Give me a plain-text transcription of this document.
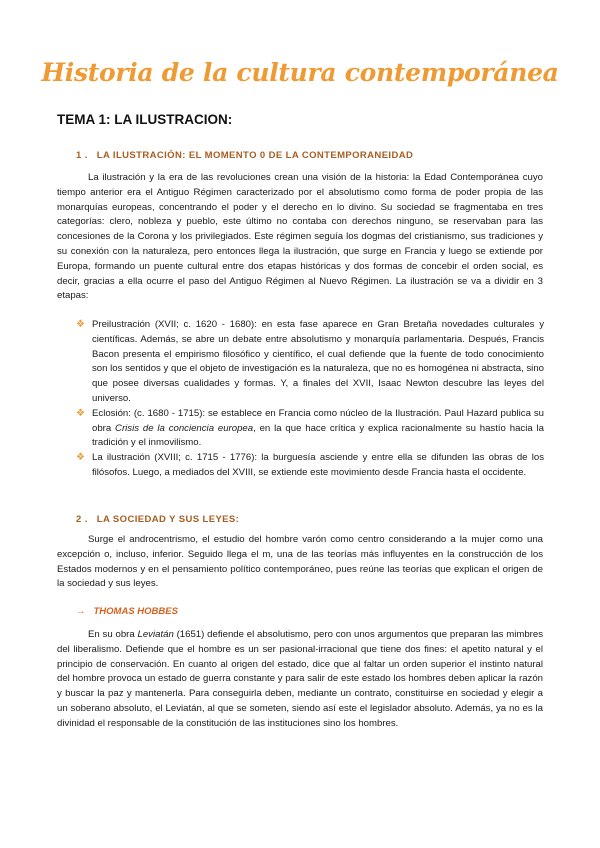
Historia de la cultura contemporánea
TEMA 1: LA ILUSTRACION:
1 . LA ILUSTRACIÓN: EL MOMENTO 0 DE LA CONTEMPORANEIDAD

La ilustración y la era de las revoluciones crean una visión de la historia: la Edad Contemporánea cuyo tiempo anterior era el Antiguo Régimen caracterizado por el absolutismo como forma de poder propia de las monarquías europeas, concentrando el poder y el derecho en lo divino. Su sociedad se fragmentaba en tres categorías: clero, nobleza y pueblo, este último no contaba con derechos ninguno, se reservaban para las concesiones de la Corona y los privilegiados. Este régimen seguía los dogmas del cristianismo, sus tradiciones y su conexión con la naturaleza, pero entonces llega la ilustración, que surge en Francia y luego se extiende por Europa, formando un puente cultural entre dos etapas históricas y dos formas de concebir el orden social, es decir, gracias a ella ocurre el paso del Antiguo Régimen al Nuevo Régimen. La ilustración se va a dividir en 3 etapas:

❖ Preilustración (XVII; c. 1620 - 1680): en esta fase aparece en Gran Bretaña novedades culturales y científicas. Además, se abre un debate entre absolutismo y monarquía parlamentaria. Después, Francis Bacon presenta el empirismo filosófico y científico, el cual defiende que la fuente de todo conocimiento son los sentidos y que el objeto de investigación es la naturaleza, que no es homogénea ni abstracta, sino que posee diversas cualidades y formas. Y, a finales del XVII, Isaac Newton descubre las leyes del universo.
❖ Eclosión: (c. 1680 - 1715): se establece en Francia como núcleo de la Ilustración. Paul Hazard publica su obra Crisis de la conciencia europea, en la que hace crítica y explica racionalmente su hastío hacia la tradición y el inmovilismo.
❖ La ilustración (XVIII; c. 1715 - 1776): la burguesía asciende y entre ella se difunden las obras de los filósofos. Luego, a mediados del XVIII, se extiende este movimiento desde Francia hasta el occidente.
2 . LA SOCIEDAD Y SUS LEYES:

Surge el androcentrismo, el estudio del hombre varón como centro considerando a la mujer como una excepción o, incluso, inferior. Seguido llega el m, una de las teorías más influyentes en la construcción de los Estados modernos y en el pensamiento político contemporáneo, pues reúne las teorías que explican el origen de la sociedad y sus leyes.

→ THOMAS HOBBES

En su obra Leviatán (1651) defiende el absolutismo, pero con unos argumentos que preparan las mimbres del liberalismo. Defiende que el hombre es un ser pasional-irracional que tiene dos fines: el apetito natural y el principio de conservación. En cuanto al origen del estado, dice que al faltar un orden superior el instinto natural del hombre provoca un estado de guerra constante y para salir de este estado los hombres deben aplicar la razón y buscar la paz y mantenerla. Para conseguirla deben, mediante un contrato, constituirse en sociedad y elegir a un soberano absoluto, el Leviatán, al que se someten, siendo así este el legislador absoluto. Además, ya no es la divinidad el responsable de la constitución de las instituciones sino los hombres.
